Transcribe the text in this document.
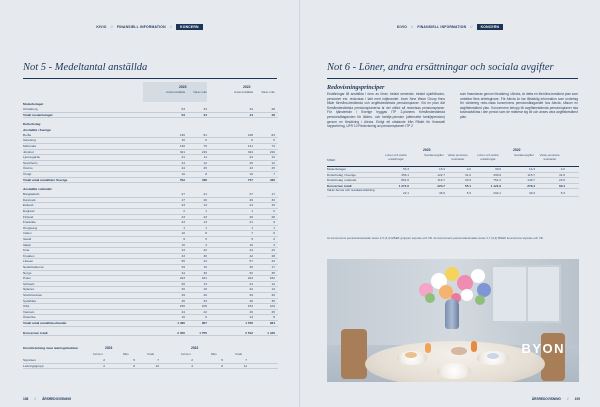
KIVIO // FINANSIELL INFORMATION //	KONCERN
Not 5 - Medeltantal anställda
2023	2022
Antal anställda	Varav män	Antal anställda	Varav män
Moderbolaget
Ornäsberg	53	34	44	28
Totalt moderbolaget	53	34	44	28
Dotterbolag
Anställda i Sverige
Borås	136	81	138	84
Göteborg	10	6	6	6
Mörlunda	130	76	141	74
Jönsbol	321	219	324	216
Ljusnegarde	21	11	24	12
Stockholm	24	12	25	12
Örebro	44	25	43	25
Övrigt	16	8	16	7
Totalt antal anställda i Sverige	702	438	717	436
Anställda i utlandet
Bangladesh	27	21	27	17
Danmark	47	26	49	30
Estland	23	13	24	15
England	2	1	1	0
Finland	43	23	46	28
Frankrike	23	13	21	9
Hongkong	1	1	1	1
Indien	10	8	7	6
Island	9	5	5	2
Italien	10	4	10	3
Kina	44	22	44	23
Kroatien	43	30	42	28
Litauen	56	44	57	43
Nederländerna	29	16	30	17
Norge	44	30	52	35
Polen	243	181	244	182
Schweiz	26	13	24	12
Spanien	26	16	22	14
Storbritannien	29	20	29	20
Sydafrika	45	33	48	35
USA	150	105	153	104
Vietnam	44	22	46	25
Österrike	10	6	13	8
Totalt antal anställda utlandet	1 495	957	1 576	934
Koncernen totalt	2 450	1 755	2 512	1 440
Könsfördelning inom ledningsfunktion	2023	2022
Kvinnor	Män	Totalt	Kvinnor	Män	Totalt
Styrelsen	2	5	7	2	5	7
Ledningsgrupp	2	8	10	3	8	11
108 // ÅRSREDOVISNING
KIVIO // FINANSIELL INFORMATION //	KONCERN
Not 6 - Löner, andra ersättningar och sociala avgifter
Redovisningsprinciper
Ersättningar till anställda i form av löner, betald semester, betald sjukfrånvaro, pensioner etc. redovisas i takt med intjänandet. Inom New Wave Group finns både förmåns-bestämda och avgiftsbestämda pensionsplaner. Vid en plan där förmånsbestämda pensionsplanerna är del utförd så redovisas pensionsplaner. För tjänstemän i Sverige tryggas ITP 2-planens förmånsbestämda pensionsåtaganden för ålders- och familje-pension (alternativt familjepension) genom en försäkring i Alecta. Enligt ett uttalande från Rådet för finansiell rapportering, UFR 10 Redovisning av pensionsplanen ITP 2
som finansieras genom försäkring i Alecta, är detta en förmåns-bestämd plan som omfattar flera arbetsgivare. För Alecta är har tillräcklig information som underlag för värdering redo-visas koncernens pensionsåtagandet hos Alecta, såsom en avgiftsbestämd plan. Koncernens belopp till avgiftsbestämda pensionsplaner ska kostnadsföras i den period som de relaterar sig till och anses vara avgiftsbestämd plan.
MSEK
2023	2022
Löner och andra ersättningar
Sociala avgifter	Varav pensions-kostnader
Löner och andra ersättningar
Sociala avgifter	Varav pensions-kostnader
Moderbolaget	53.3	15.3	4.0	39.6	14.3	4.0
Dotterbolag i Sverige	356.1	122.7	31.0	330.9	115.7	31.8
Dotterbolag i utlandet	861.6	116.7	20.3	751.4	149.7	24.6
Koncernen totalt	1 271.0	224.7	55.1	1 121.9	279.4	60.4
Varav bonus och resultatersättning
22.1	46.9	5.3	232.1	40.3	5.3
Av koncernens pensionskostnader avser 4,5 (4,4) MSEK gruppen styrelse och VD. Av koncernens pensionskostnader avser 2,7 (4,4) MSEK koncernens styrelse och VD.
BYON
ÅRSREDOVISNING // 109
